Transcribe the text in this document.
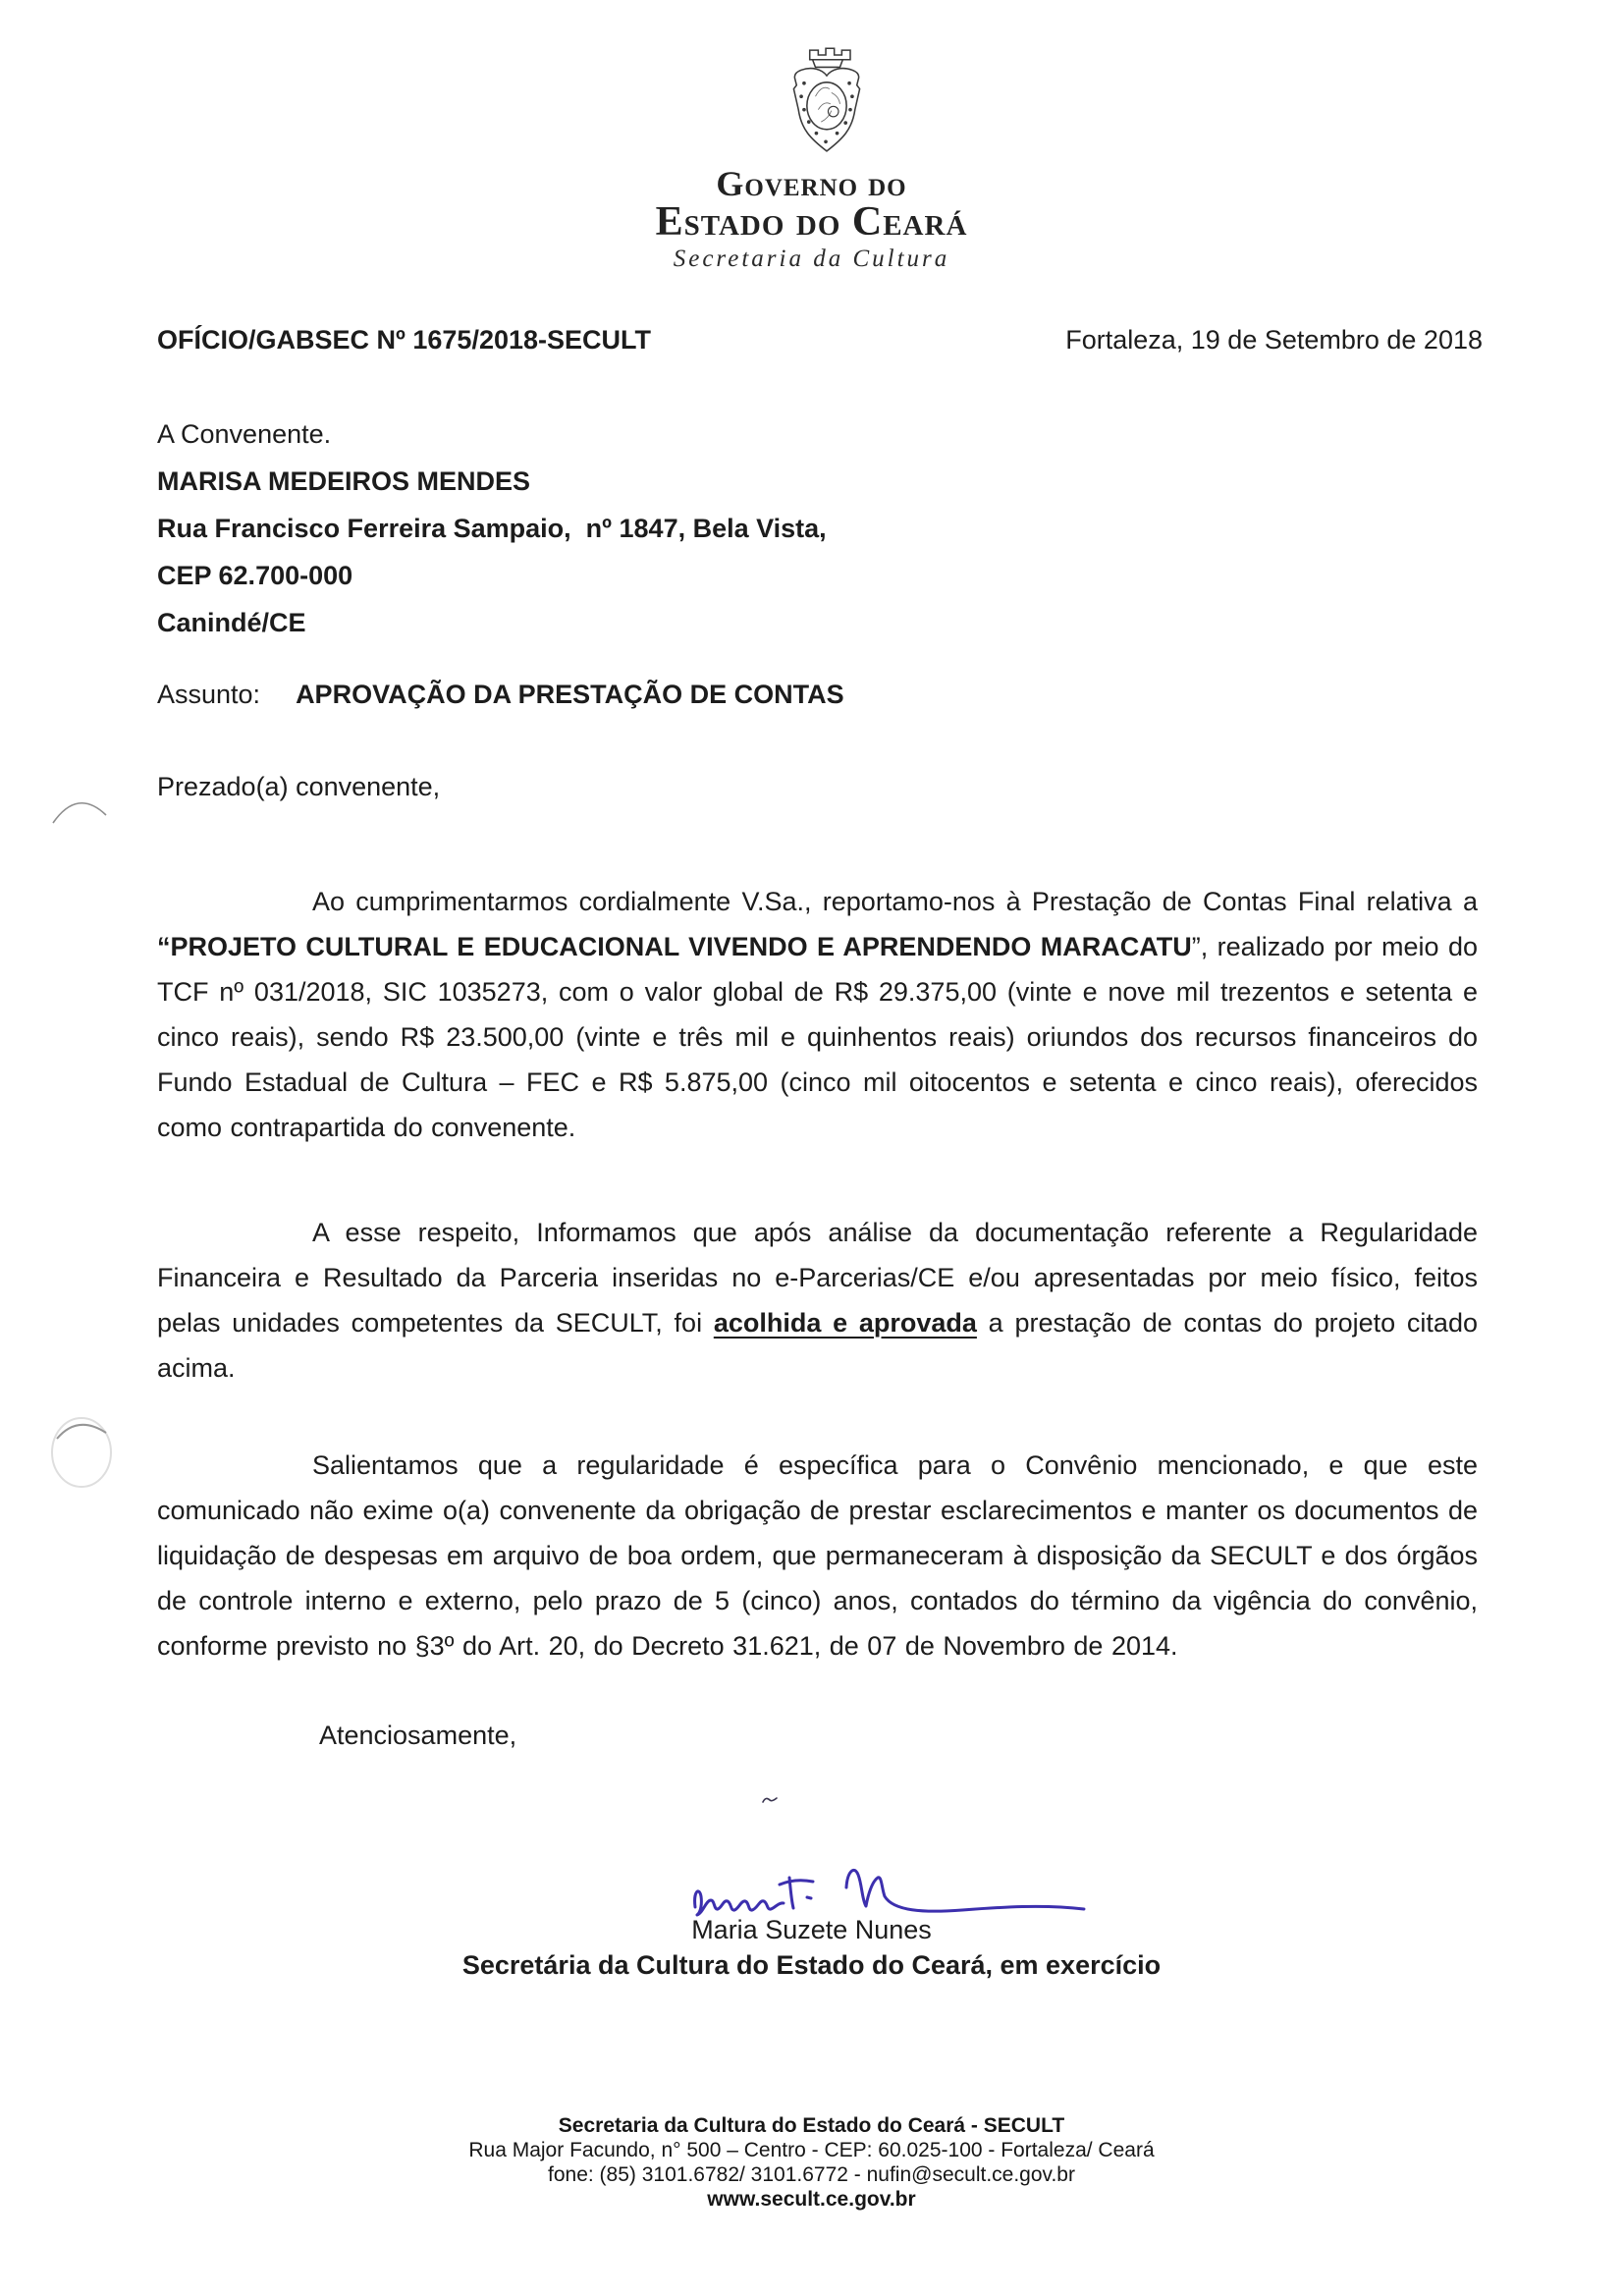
Governo do
Estado do Ceará
Secretaria da Cultura
OFÍCIO/GABSEC Nº 1675/2018-SECULT	Fortaleza, 19 de Setembro de 2018
A Convenente.
MARISA MEDEIROS MENDES
Rua Francisco Ferreira Sampaio,  nº 1847, Bela Vista,
CEP 62.700-000
Canindé/CE
Assunto: APROVAÇÃO DA PRESTAÇÃO DE CONTAS
Prezado(a) convenente,

Ao cumprimentarmos cordialmente V.Sa., reportamo-nos à Prestação de Contas Final relativa a “PROJETO CULTURAL E EDUCACIONAL VIVENDO E APRENDENDO MARACATU”, realizado por meio do TCF nº 031/2018, SIC 1035273, com o valor global de R$ 29.375,00 (vinte e nove mil trezentos e setenta e cinco reais), sendo R$ 23.500,00 (vinte e três mil e quinhentos reais) oriundos dos recursos financeiros do Fundo Estadual de Cultura – FEC e R$ 5.875,00 (cinco mil oitocentos e setenta e cinco reais), oferecidos como contrapartida do convenente.

A esse respeito, Informamos que após análise da documentação referente a Regularidade Financeira e Resultado da Parceria inseridas no e-Parcerias/CE e/ou apresentadas por meio físico, feitos pelas unidades competentes da SECULT, foi acolhida e aprovada a prestação de contas do projeto citado acima.

Salientamos que a regularidade é específica para o Convênio mencionado, e que este comunicado não exime o(a) convenente da obrigação de prestar esclarecimentos e manter os documentos de liquidação de despesas em arquivo de boa ordem, que permaneceram à disposição da SECULT e dos órgãos de controle interno e externo, pelo prazo de 5 (cinco) anos, contados do término da vigência do convênio, conforme previsto no §3º do Art. 20, do Decreto 31.621, de 07 de Novembro de 2014.

Atenciosamente,
Maria Suzete Nunes
Secretária da Cultura do Estado do Ceará, em exercício
Secretaria da Cultura do Estado do Ceará - SECULT
Rua Major Facundo, n° 500 – Centro - CEP: 60.025-100 - Fortaleza/ Ceará
fone: (85) 3101.6782/ 3101.6772 - nufin@secult.ce.gov.br
www.secult.ce.gov.br
